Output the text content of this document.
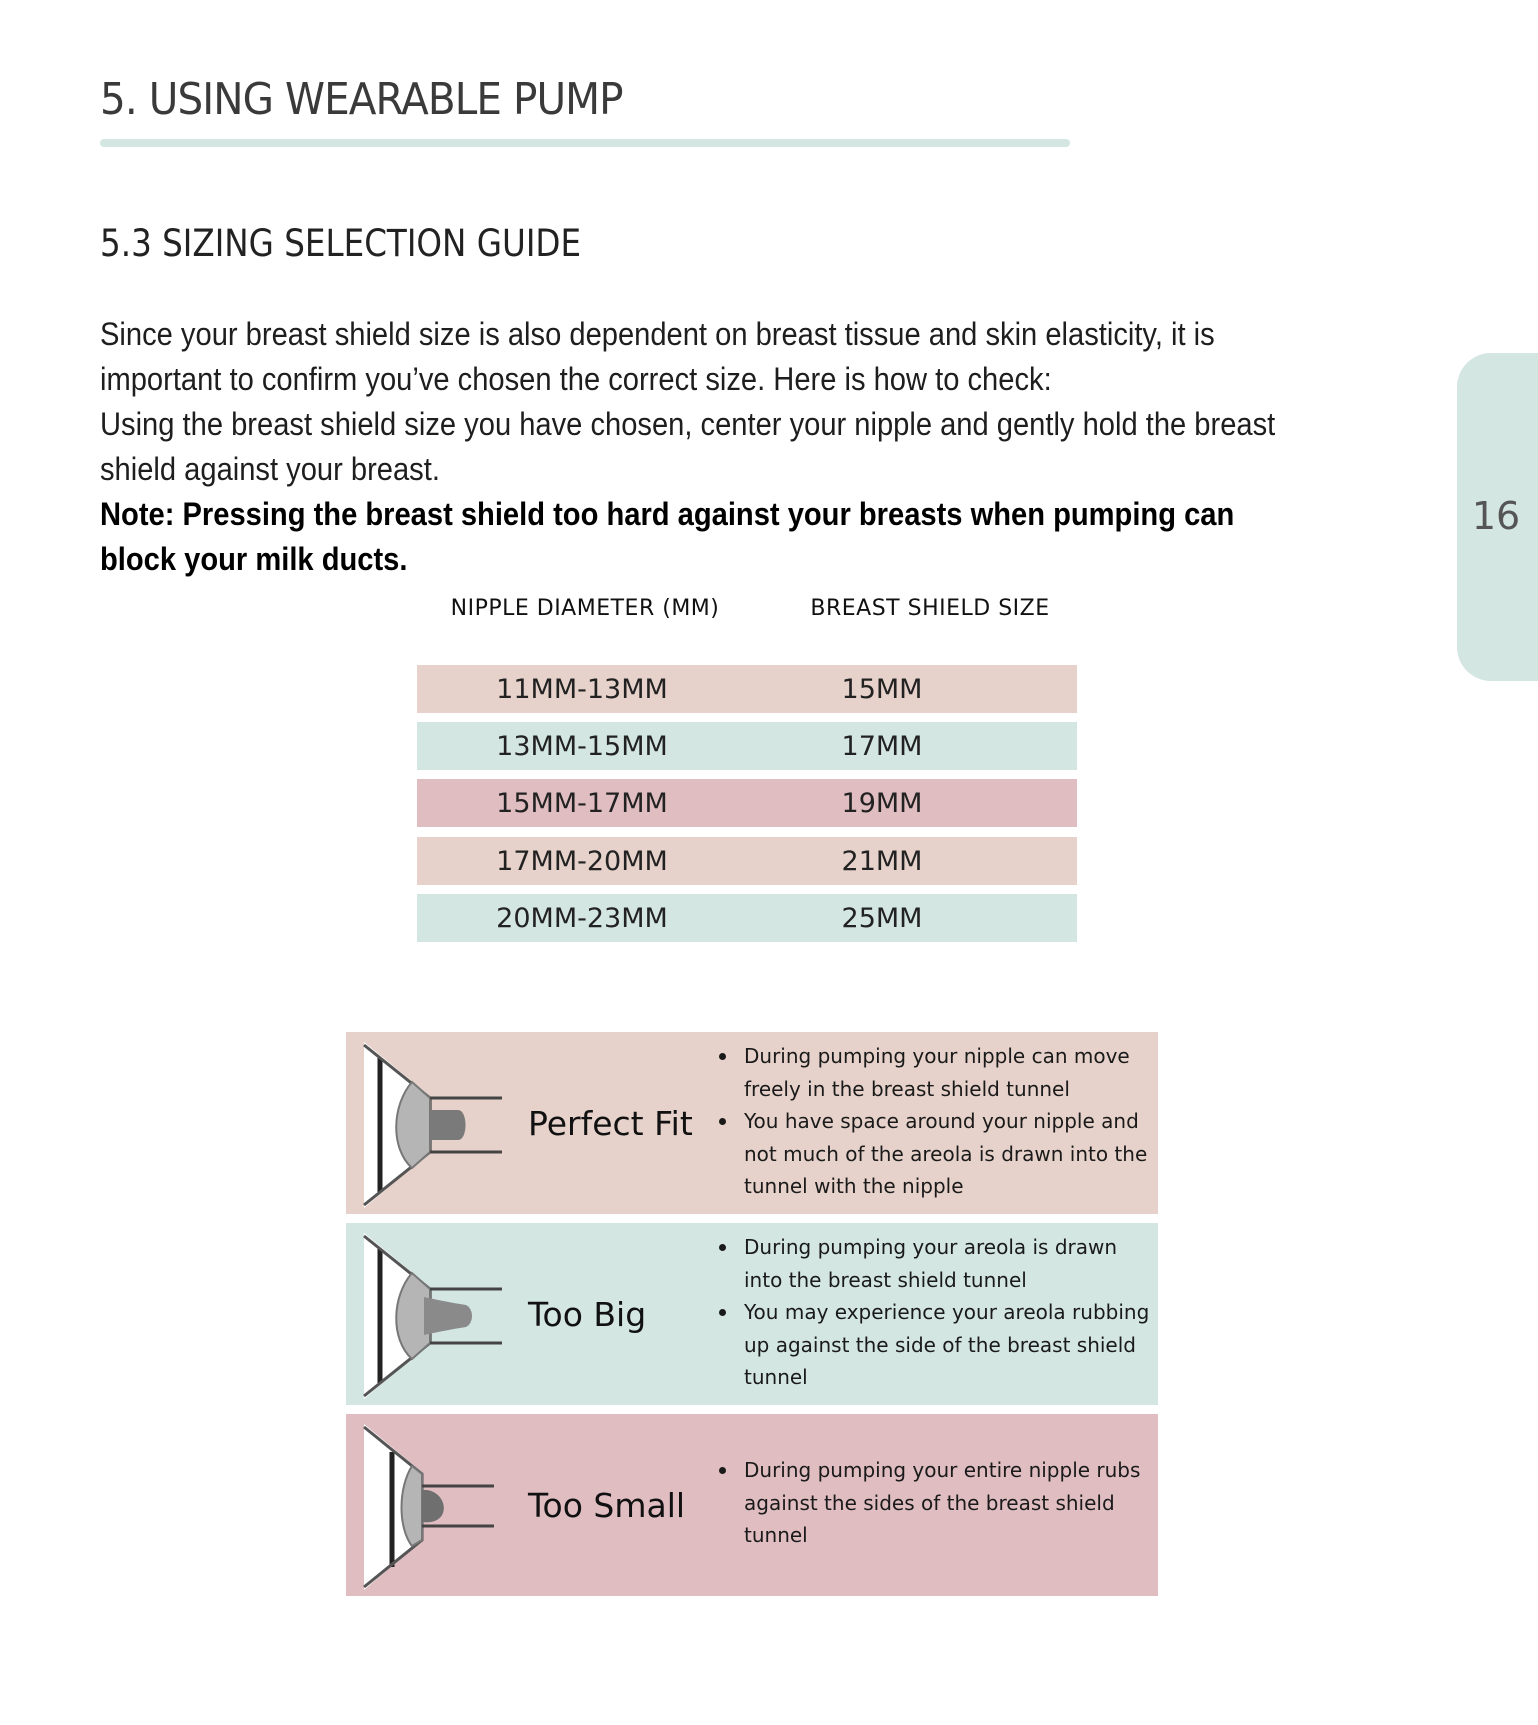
5. USING WEARABLE PUMP
5.3 SIZING SELECTION GUIDE

Since your breast shield size is also dependent on breast tissue and skin elasticity, it is important to confirm you’ve chosen the correct size. Here is how to check:

Using the breast shield size you have chosen, center your nipple and gently hold the breast shield against your breast.

Note: Pressing the breast shield too hard against your breasts when pumping can block your milk ducts.

16
NIPPLE DIAMETER (MM)	BREAST SHIELD SIZE
11MM-13MM	15MM
13MM-15MM	17MM
15MM-17MM	19MM
17MM-20MM	21MM
20MM-23MM	25MM
Perfect Fit
During pumping your nipple can move freely in the breast shield tunnel
You have space around your nipple and not much of the areola is drawn into the tunnel with the nipple
Too Big
During pumping your areola is drawn into the breast shield tunnel
You may experience your areola rubbing up against the side of the breast shield tunnel
Too Small
During pumping your entire nipple rubs against the sides of the breast shield tunnel
